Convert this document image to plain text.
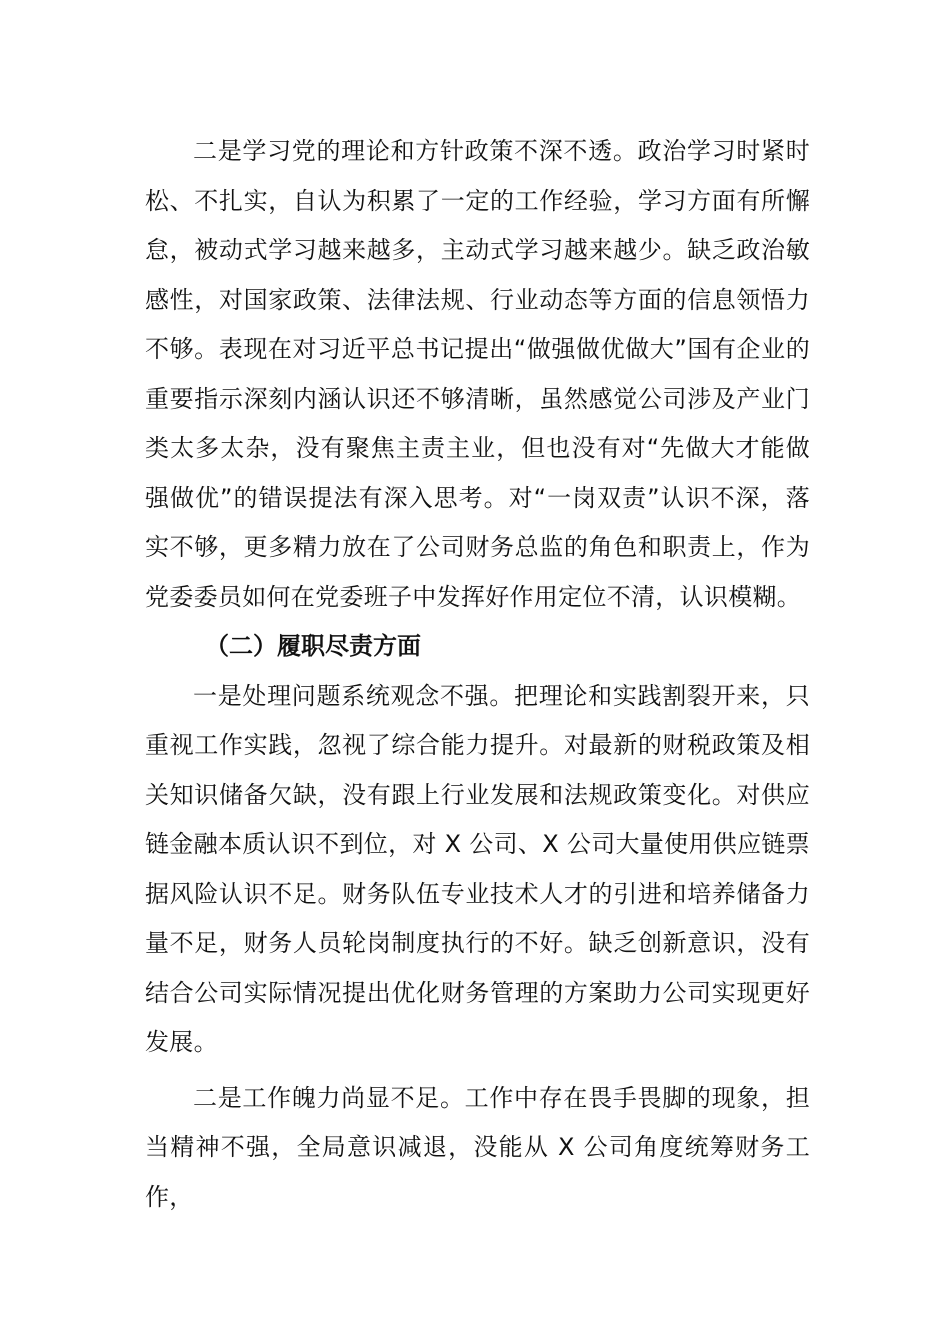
二是学习党的理论和方针政策不深不透。政治学习时紧时松、不扎实，自认为积累了一定的工作经验，学习方面有所懈怠，被动式学习越来越多，主动式学习越来越少。缺乏政治敏感性，对国家政策、法律法规、行业动态等方面的信息领悟力不够。表现在对习近平总书记提出“做强做优做大”国有企业的重要指示深刻内涵认识还不够清晰，虽然感觉公司涉及产业门类太多太杂，没有聚焦主责主业，但也没有对“先做大才能做强做优”的错误提法有深入思考。对“一岗双责”认识不深，落实不够，更多精力放在了公司财务总监的角色和职责上，作为党委委员如何在党委班子中发挥好作用定位不清，认识模糊。

（二）履职尽责方面

一是处理问题系统观念不强。把理论和实践割裂开来，只重视工作实践，忽视了综合能力提升。对最新的财税政策及相关知识储备欠缺，没有跟上行业发展和法规政策变化。对供应链金融本质认识不到位，对 X 公司、X 公司大量使用供应链票据风险认识不足。财务队伍专业技术人才的引进和培养储备力量不足，财务人员轮岗制度执行的不好。缺乏创新意识，没有结合公司实际情况提出优化财务管理的方案助力公司实现更好发展。

二是工作魄力尚显不足。工作中存在畏手畏脚的现象，担当精神不强，全局意识减退，没能从 X 公司角度统筹财务工作，
